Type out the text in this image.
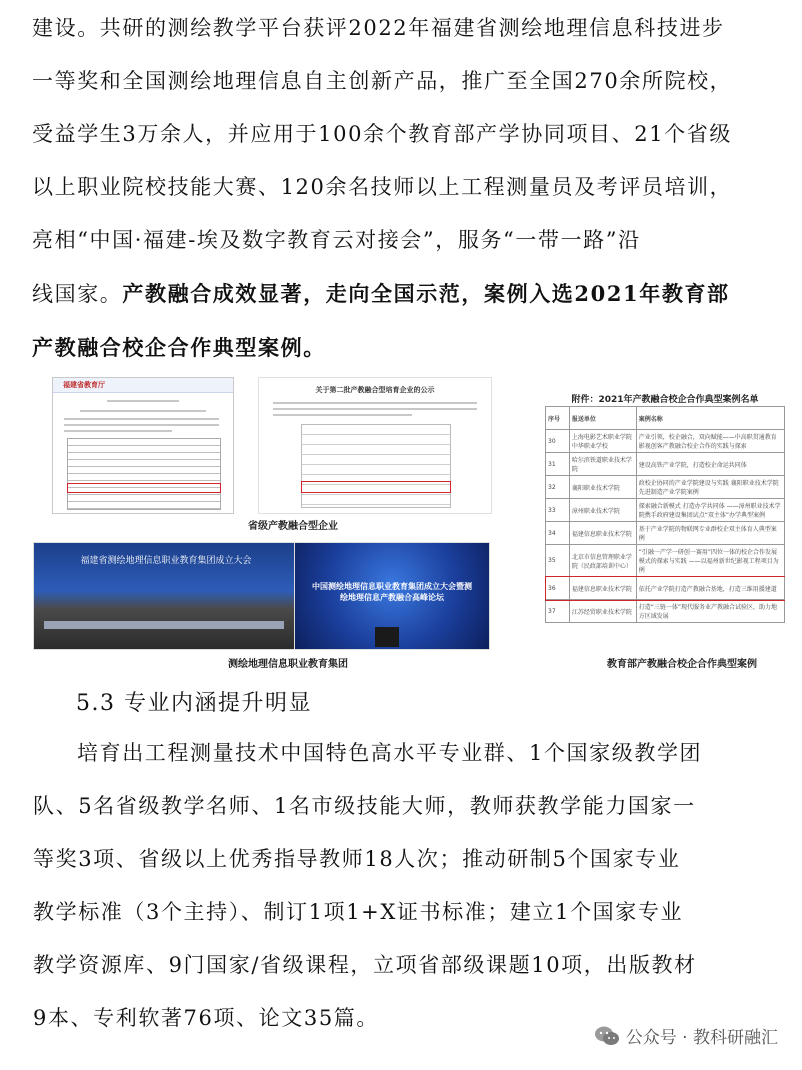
建设。共研的测绘教学平台获评2022年福建省测绘地理信息科技进步
一等奖和全国测绘地理信息自主创新产品，推广至全国270余所院校，
受益学生3万余人，并应用于100余个教育部产学协同项目、21个省级
以上职业院校技能大赛、120余名技师以上工程测量员及考评员培训，
亮相“中国·福建-埃及数字教育云对接会”，服务“一带一路”沿
线国家。产教融合成效显著，走向全国示范，案例入选2021年教育部
产教融合校企合作典型案例。
福建省教育厅
关于第二批产教融合型培育企业的公示
附件：2021年产教融合校企合作典型案例名单
序号	报送单位	案例名称
30	上海电影艺术职业学院 中华职业学校	产业引领，校企融合，双向赋能——中高职贯通教育影视创客产教融合校企合作的实践与探索
31	哈尔滨铁道职业技术学院	建设高铁产业学院，打造校企命运共同体
32	襄阳职业技术学院	政校企协同的产业学院建设与实践 襄阳职业技术学院先进制造产业学院案例
33	漳州职业技术学院	探索融合新模式 打造办学共同体 ——漳州职业技术学院携手政府建设集团试点“双主体”办学典型案例
34	福建信息职业技术学院	基于产业学院的物联网专业群校企双主体育人典型案例
35	北京市信息管理职业学院（民政部培训中心）	“引融一产学一研创一赛用”四位一体的校企合作发展模式的探索与实践 ——以福州新世纪影视工程项目为例
36	福建信息职业技术学院	依托产业学院打造产教融合基地，打造三维用援建道
37	江苏经贸职业技术学院	打造“三链一体”现代服务业产教融合试验区，助力地方区域发展
省级产教融合型企业
福建省测绘地理信息职业教育集团成立大会
中国测绘地理信息职业教育集团成立大会暨测绘地理信息产教融合高峰论坛
测绘地理信息职业教育集团	教育部产教融合校企合作典型案例
5.3 专业内涵提升明显
培育出工程测量技术中国特色高水平专业群、1个国家级教学团
队、5名省级教学名师、1名市级技能大师，教师获教学能力国家一
等奖3项、省级以上优秀指导教师18人次；推动研制5个国家专业
教学标准（3个主持）、制订1项1+X证书标准；建立1个国家专业
教学资源库、9门国家/省级课程，立项省部级课题10项，出版教材
9本、专利软著76项、论文35篇。
公众号 · 教科研融汇
